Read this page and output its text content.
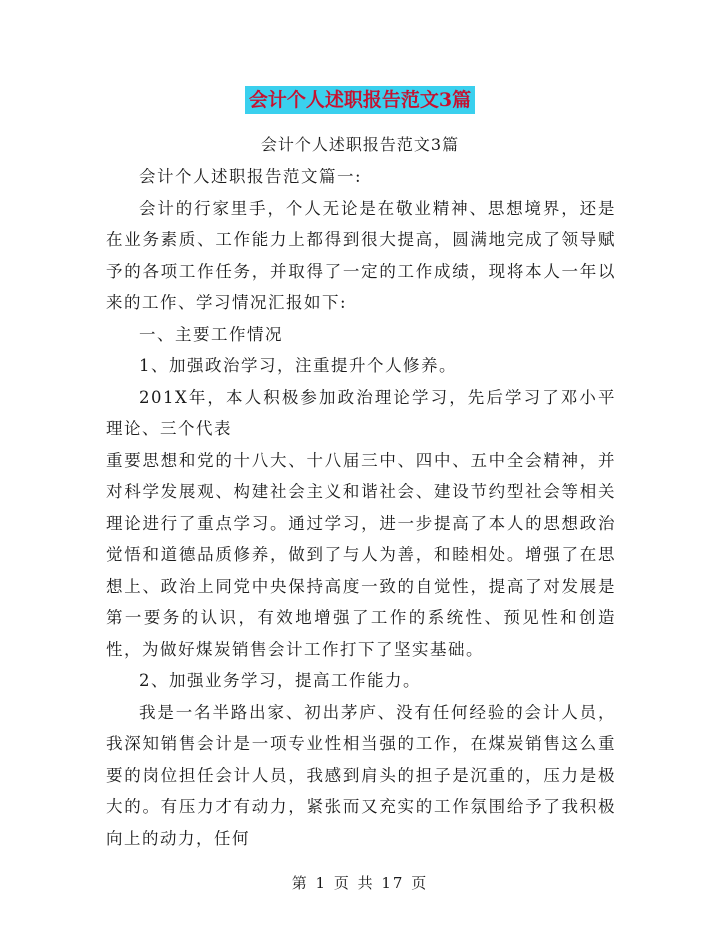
会计个人述职报告范文3篇
会计个人述职报告范文3篇

会计个人述职报告范文篇一:

会计的行家里手，个人无论是在敬业精神、思想境界，还是在业务素质、工作能力上都得到很大提高，圆满地完成了领导赋予的各项工作任务，并取得了一定的工作成绩，现将本人一年以来的工作、学习情况汇报如下:

一、主要工作情况

1、加强政治学习，注重提升个人修养。

201X年，本人积极参加政治理论学习，先后学习了邓小平理论、三个代表

重要思想和党的十八大、十八届三中、四中、五中全会精神，并对科学发展观、构建社会主义和谐社会、建设节约型社会等相关理论进行了重点学习。通过学习，进一步提高了本人的思想政治觉悟和道德品质修养，做到了与人为善，和睦相处。增强了在思想上、政治上同党中央保持高度一致的自觉性，提高了对发展是第一要务的认识，有效地增强了工作的系统性、预见性和创造性，为做好煤炭销售会计工作打下了坚实基础。

2、加强业务学习，提高工作能力。

我是一名半路出家、初出茅庐、没有任何经验的会计人员，我深知销售会计是一项专业性相当强的工作，在煤炭销售这么重要的岗位担任会计人员，我感到肩头的担子是沉重的，压力是极大的。有压力才有动力，紧张而又充实的工作氛围给予了我积极向上的动力，任何

第 1 页 共 17 页
